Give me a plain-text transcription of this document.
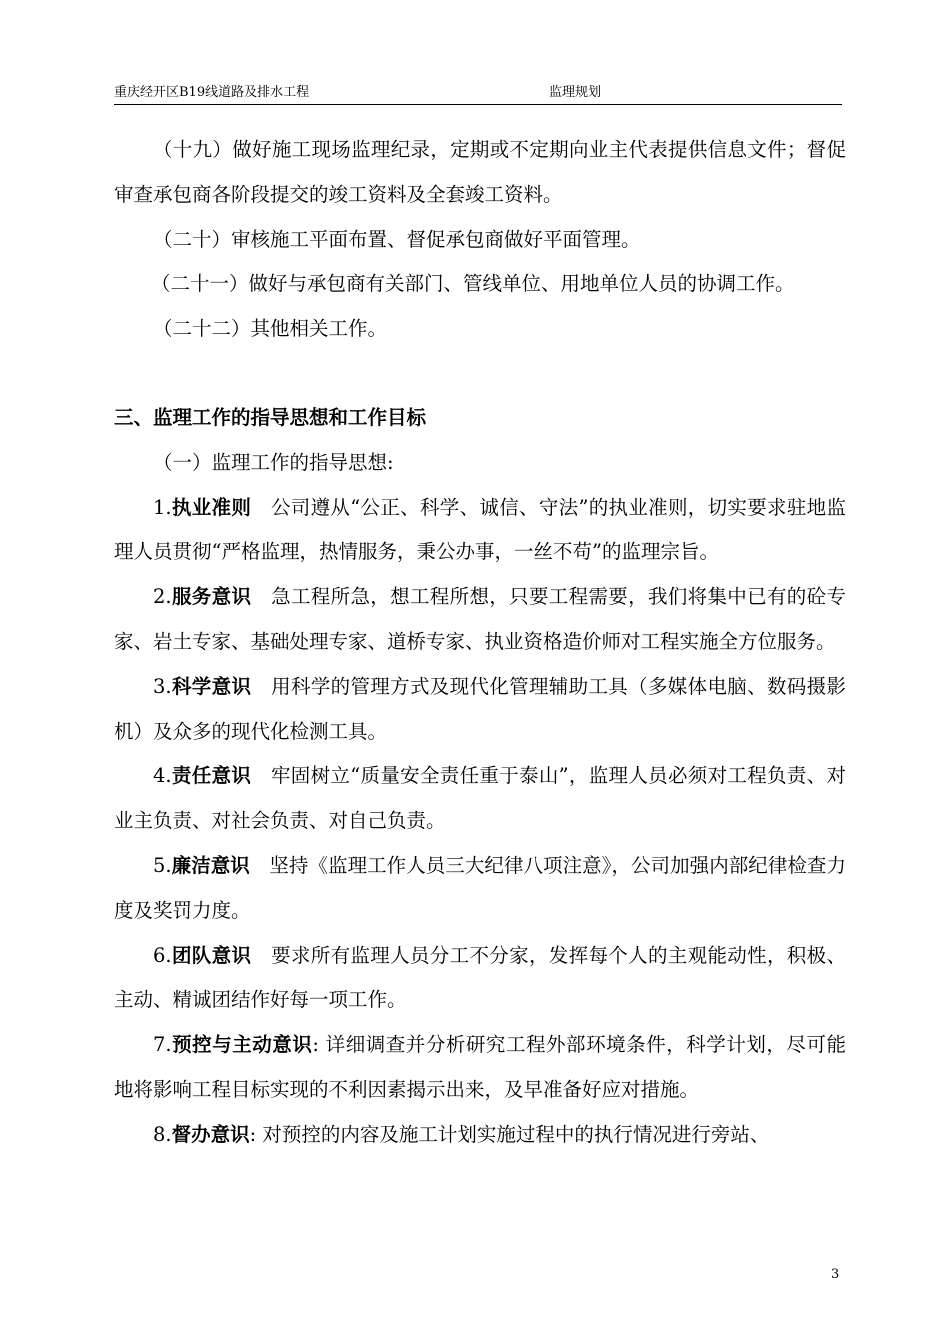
重庆经开区B19线道路及排水工程	监理规划

（十九）做好施工现场监理纪录，定期或不定期向业主代表提供信息文件；督促审查承包商各阶段提交的竣工资料及全套竣工资料。

（二十）审核施工平面布置、督促承包商做好平面管理。

（二十一）做好与承包商有关部门、管线单位、用地单位人员的协调工作。

（二十二）其他相关工作。

三、监理工作的指导思想和工作目标

（一）监理工作的指导思想:

1.执业准则　公司遵从“公正、科学、诚信、守法”的执业准则，切实要求驻地监理人员贯彻“严格监理，热情服务，秉公办事，一丝不苟”的监理宗旨。

2.服务意识　急工程所急，想工程所想，只要工程需要，我们将集中已有的砼专家、岩土专家、基础处理专家、道桥专家、执业资格造价师对工程实施全方位服务。

3.科学意识　用科学的管理方式及现代化管理辅助工具（多媒体电脑、数码摄影机）及众多的现代化检测工具。

4.责任意识　牢固树立“质量安全责任重于泰山”，监理人员必须对工程负责、对业主负责、对社会负责、对自己负责。

5.廉洁意识　坚持《监理工作人员三大纪律八项注意》，公司加强内部纪律检查力度及奖罚力度。

6.团队意识　要求所有监理人员分工不分家，发挥每个人的主观能动性，积极、主动、精诚团结作好每一项工作。

7.预控与主动意识: 详细调查并分析研究工程外部环境条件，科学计划，尽可能地将影响工程目标实现的不利因素揭示出来，及早准备好应对措施。

8.督办意识: 对预控的内容及施工计划实施过程中的执行情况进行旁站、

3
